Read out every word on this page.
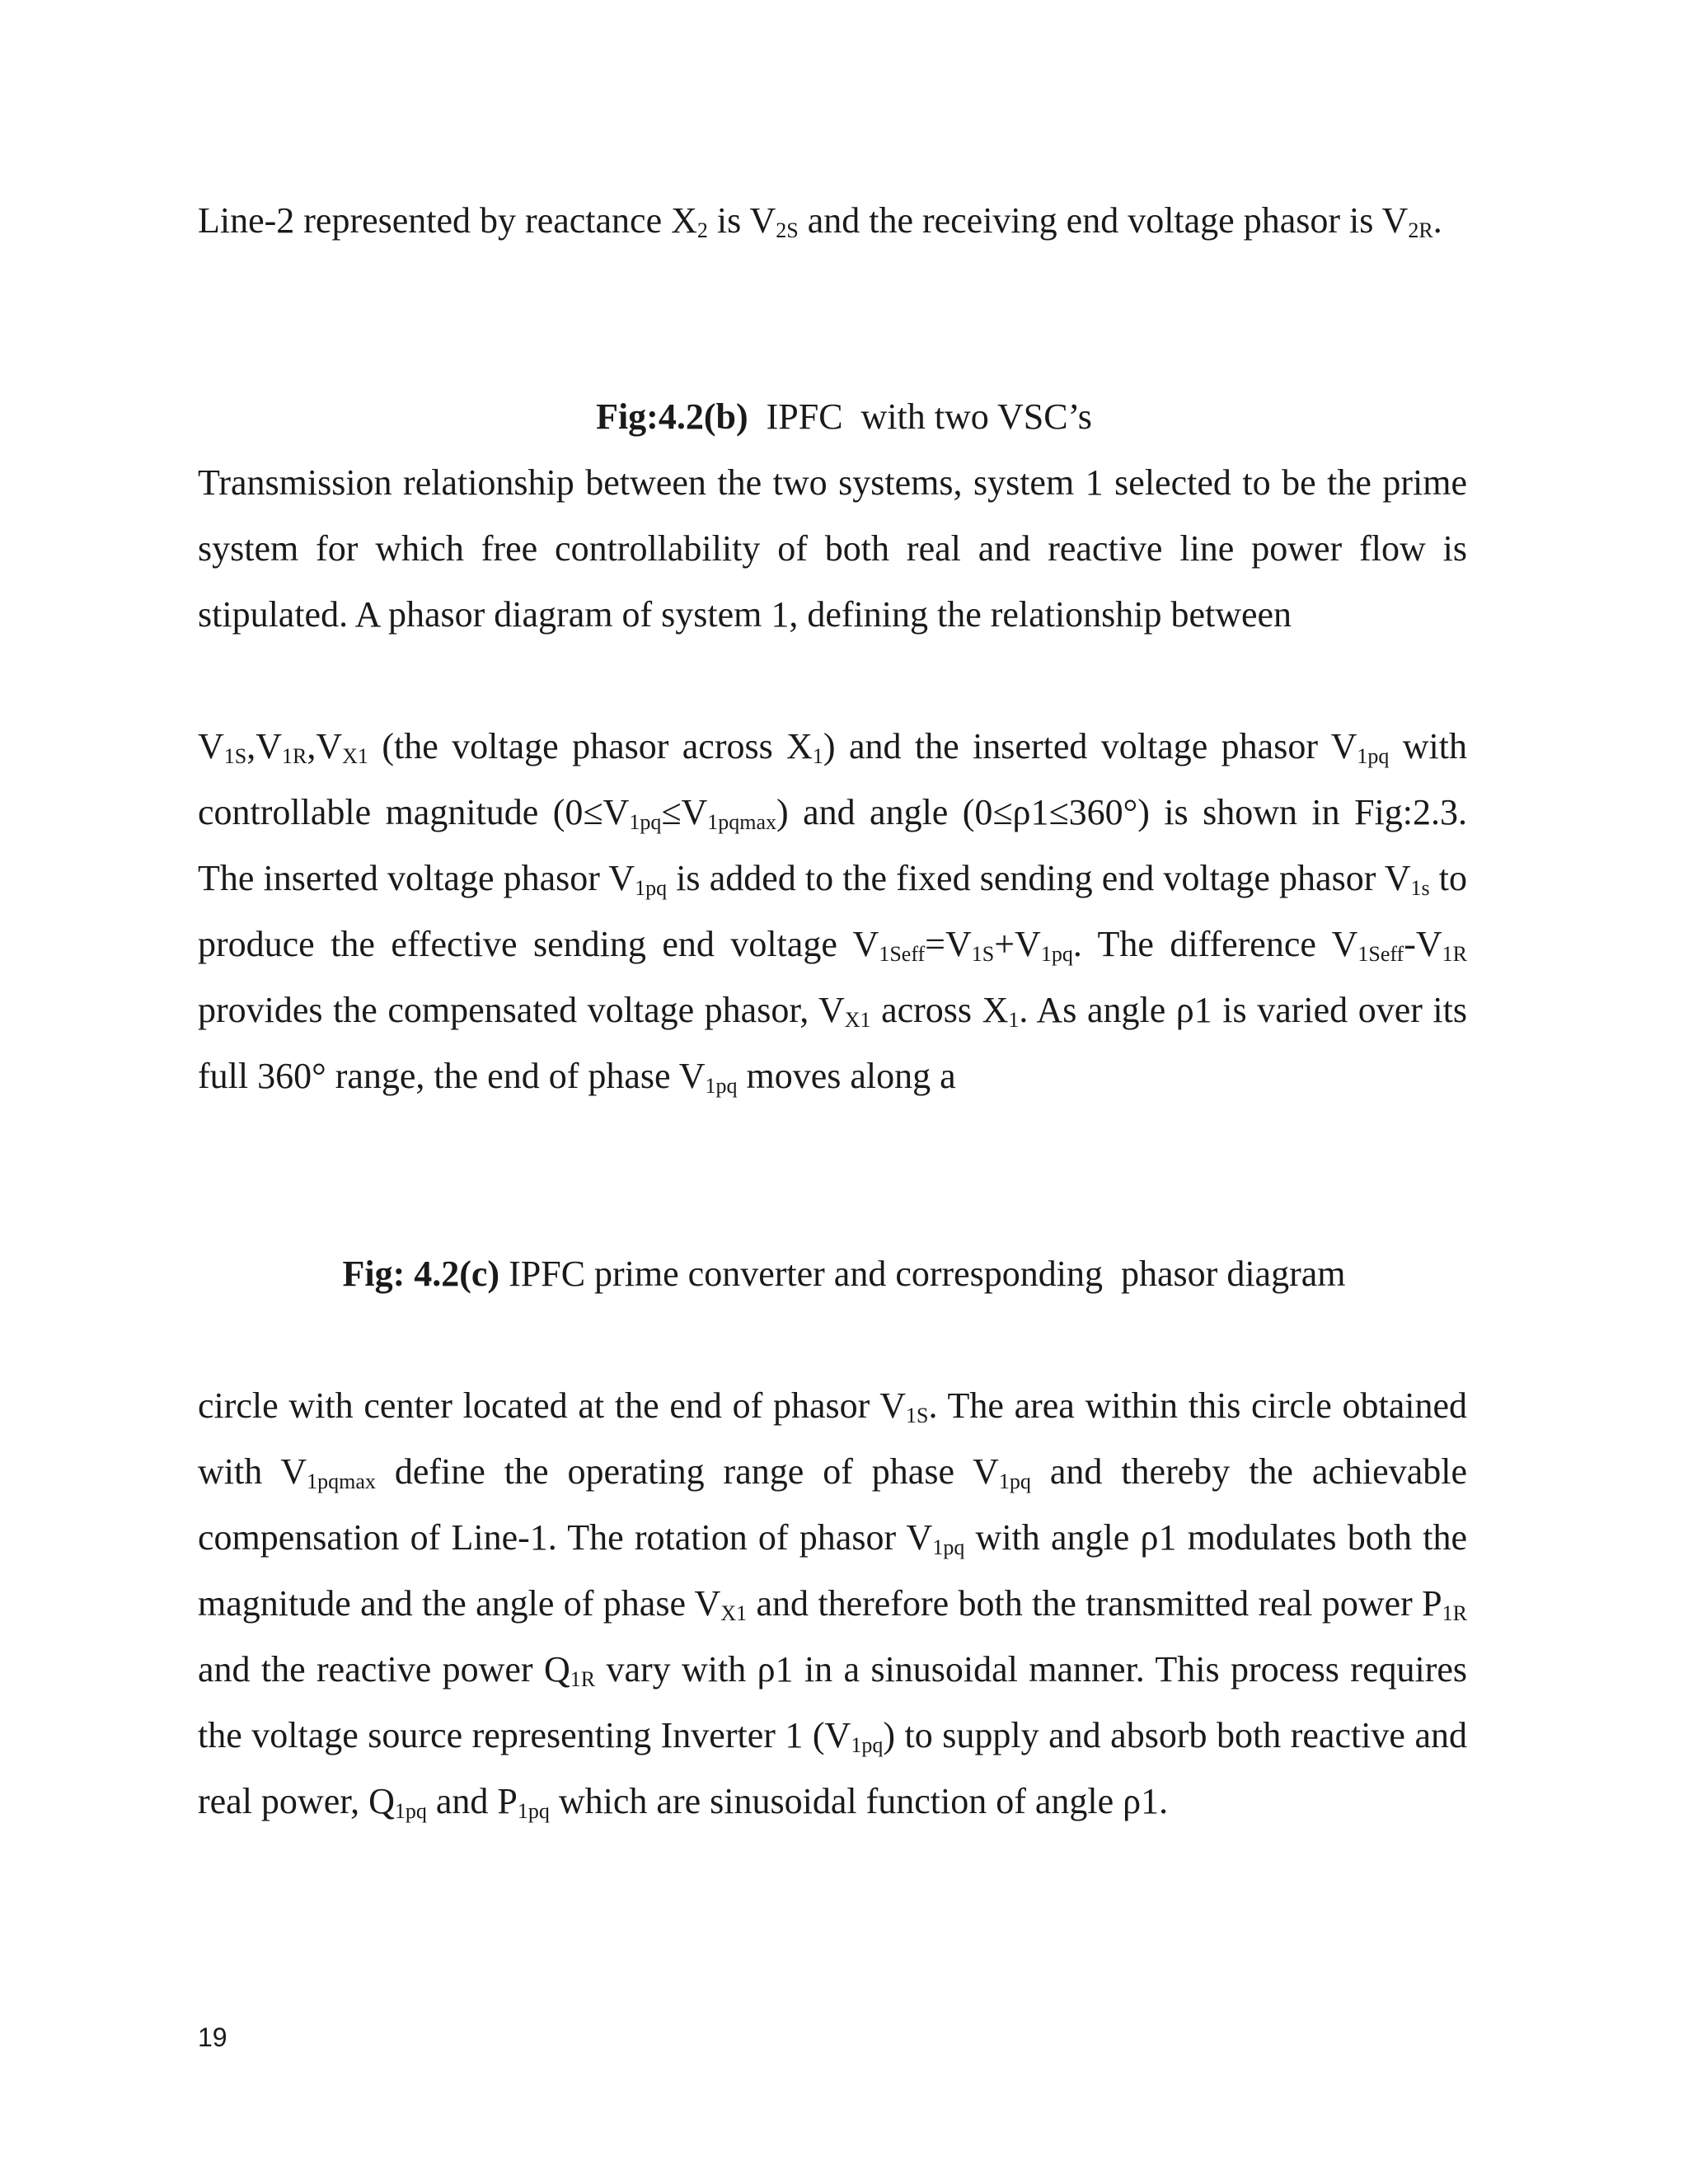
Line-2 represented by reactance $X_2$ is $V_{2S}$ and the receiving end voltage phasor is $V_{2R}$.

Fig:4.2(b)  IPFC  with two VSC’s

Transmission relationship between the two systems, system 1 selected to be the prime system for which free controllability of both real and reactive line power flow is stipulated. A phasor diagram of system 1, defining the relationship between

$V_{1S},V_{1R},V_{X1}$ (the voltage phasor across $X_1$) and the inserted voltage phasor $V_{1pq}$ with controllable magnitude $(0\le V_{1pq}\le V_{1pqmax})$ and angle (0≤ρ1≤360°) is shown in Fig:2.3. The inserted voltage phasor $V_{1pq}$ is added to the fixed sending end voltage phasor $V_{1s}$ to produce the effective sending end voltage $V_{1Seff}=V_{1S}+V_{1pq}$. The difference $V_{1Seff}-V_{1R}$ provides the compensated voltage phasor, $V_{X1}$ across $X_1$. As angle ρ1 is varied over its full 360° range, the end of phase $V_{1pq}$ moves along a

Fig: 4.2(c) IPFC prime converter and corresponding  phasor diagram

circle with center located at the end of phasor $V_{1S}$. The area within this circle obtained with $V_{1pqmax}$ define the operating range of phase $V_{1pq}$ and thereby the achievable compensation of Line-1. The rotation of phasor $V_{1pq}$ with angle ρ1 modulates both the magnitude and the angle of phase $V_{X1}$ and therefore both the transmitted real power $P_{1R}$ and the reactive power $Q_{1R}$ vary with ρ1 in a sinusoidal manner. This process requires the voltage source representing Inverter 1 $(V_{1pq})$ to supply and absorb both reactive and real power, $Q_{1pq}$ and $P_{1pq}$ which are sinusoidal function of angle ρ1.

19
